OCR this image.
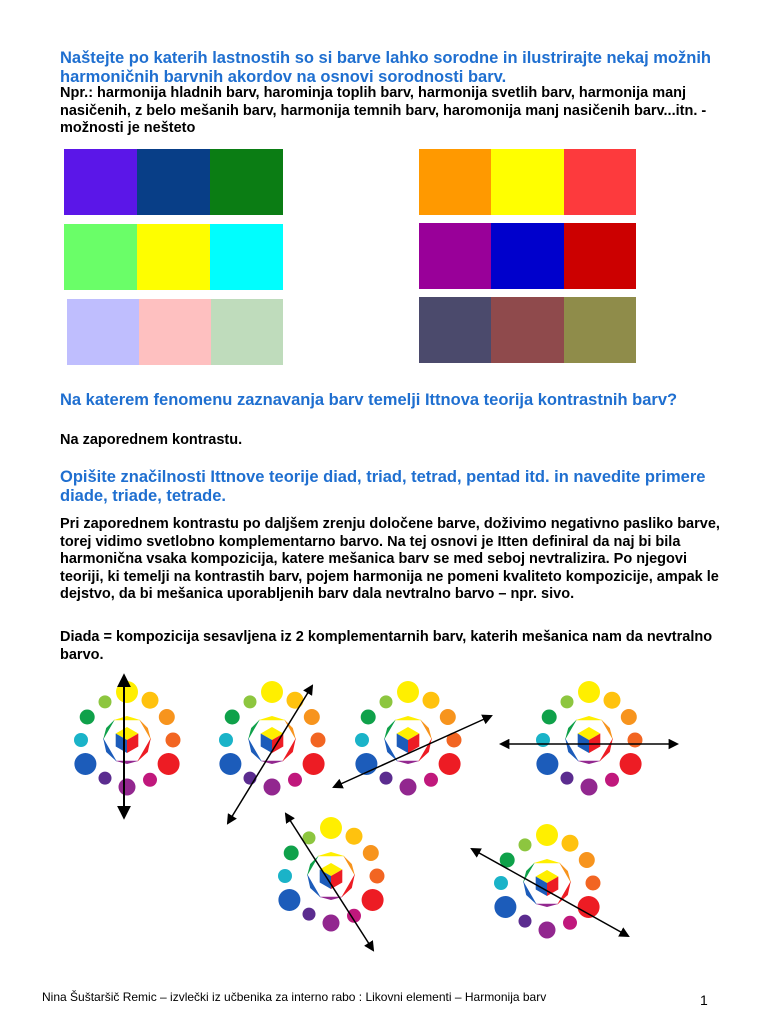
Naštejte po katerih lastnostih so si barve lahko sorodne in ilustrirajte nekaj možnih harmoničnih barvnih akordov na osnovi sorodnosti barv.

Npr.: harmonija hladnih barv, harominja toplih barv, harmonija svetlih barv, harmonija manj nasičenih, z belo mešanih barv, harmonija temnih barv, haromonija manj nasičenih barv...itn. - možnosti je nešteto

Na katerem fenomenu zaznavanja barv temelji Ittnova teorija kontrastnih barv?

Na zaporednem kontrastu.

Opišite značilnosti Ittnove teorije diad, triad, tetrad, pentad itd. in navedite primere diade, triade, tetrade.

Pri zaporednem kontrastu po daljšem zrenju določene barve, doživimo negativno pasliko barve, torej vidimo svetlobno komplementarno barvo. Na tej osnovi je Itten definiral da naj bi bila harmonična vsaka kompozicija, katere mešanica barv se med seboj nevtralizira. Po njegovi teoriji, ki temelji na kontrastih barv, pojem harmonija ne pomeni kvaliteto kompozicije, ampak le dejstvo, da bi mešanica uporabljenih barv dala nevtralno barvo – npr. sivo.

Diada = kompozicija sesavljena iz 2 komplementarnih barv, katerih mešanica nam da nevtralno barvo.

Nina Šuštaršič Remic – izvlečki iz učbenika za interno rabo : Likovni elementi – Harmonija barv	1
